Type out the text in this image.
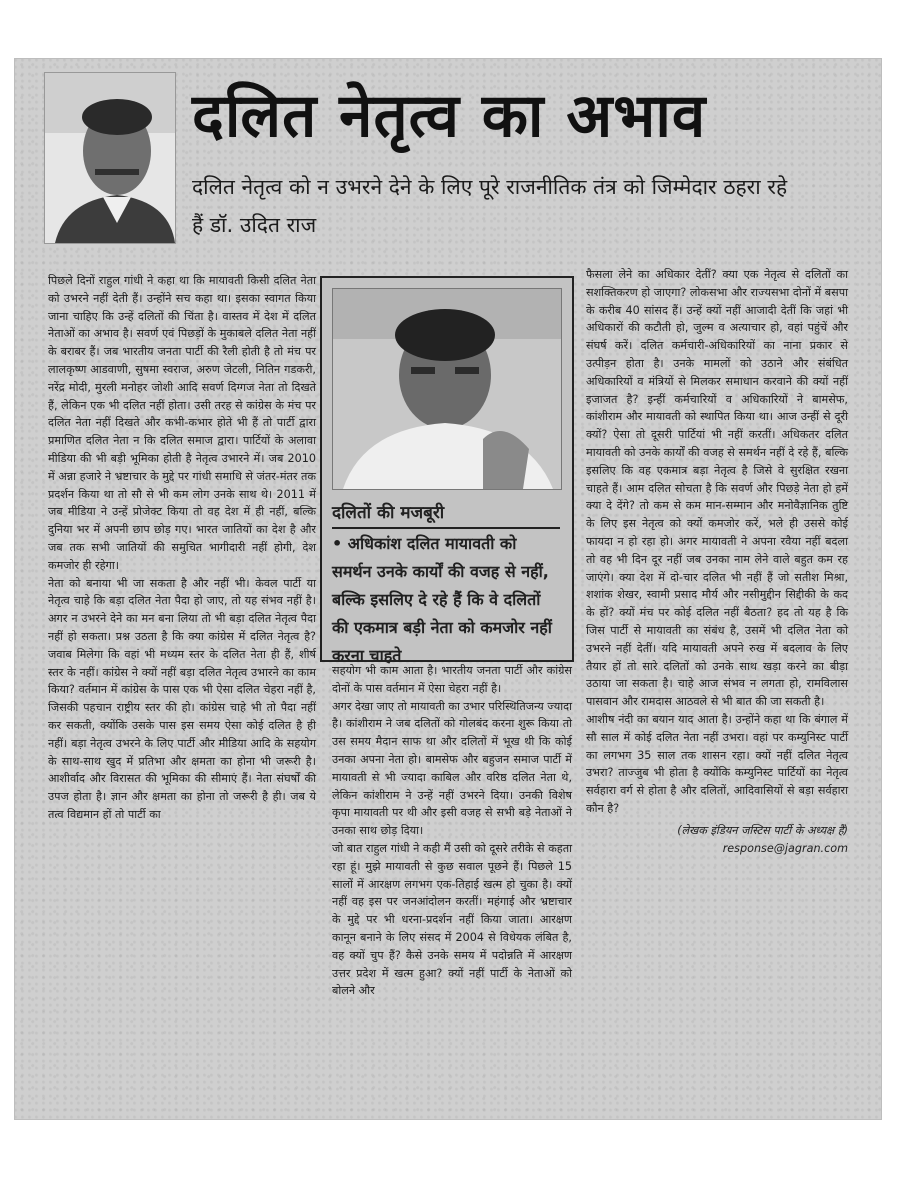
दलित नेतृत्व का अभाव

दलित नेतृत्व को न उभरने देने के लिए पूरे राजनीतिक तंत्र को जिम्मेदार ठहरा रहे हैं डॉ. उदित राज

पिछले दिनों राहुल गांधी ने कहा था कि मायावती किसी दलित नेता को उभरने नहीं देती हैं। उन्होंने सच कहा था। इसका स्वागत किया जाना चाहिए कि उन्हें दलितों की चिंता है। वास्तव में देश में दलित नेताओं का अभाव है। सवर्ण एवं पिछड़ों के मुकाबले दलित नेता नहीं के बराबर हैं। जब भारतीय जनता पार्टी की रैली होती है तो मंच पर लालकृष्ण आडवाणी, सुषमा स्वराज, अरुण जेटली, नितिन गडकरी, नरेंद्र मोदी, मुरली मनोहर जोशी आदि सवर्ण दिग्गज नेता तो दिखते हैं, लेकिन एक भी दलित नहीं होता। उसी तरह से कांग्रेस के मंच पर दलित नेता नहीं दिखते और कभी-कभार होते भी हैं तो पार्टी द्वारा प्रमाणित दलित नेता न कि दलित समाज द्वारा। पार्टियों के अलावा मीडिया की भी बड़ी भूमिका होती है नेतृत्व उभारने में। जब 2010 में अन्ना हजारे ने भ्रष्टाचार के मुद्दे पर गांधी समाधि से जंतर-मंतर तक प्रदर्शन किया था तो सौ से भी कम लोग उनके साथ थे। 2011 में जब मीडिया ने उन्हें प्रोजेक्ट किया तो वह देश में ही नहीं, बल्कि दुनिया भर में अपनी छाप छोड़ गए। भारत जातियों का देश है और जब तक सभी जातियों की समुचित भागीदारी नहीं होगी, देश कमजोर ही रहेगा।

नेता को बनाया भी जा सकता है और नहीं भी। केवल पार्टी या नेतृत्व चाहे कि बड़ा दलित नेता पैदा हो जाए, तो यह संभव नहीं है। अगर न उभरने देने का मन बना लिया तो भी बड़ा दलित नेतृत्व पैदा नहीं हो सकता। प्रश्न उठता है कि क्या कांग्रेस में दलित नेतृत्व है? जवाब मिलेगा कि वहां भी मध्यम स्तर के दलित नेता ही हैं, शीर्ष स्तर के नहीं। कांग्रेस ने क्यों नहीं बड़ा दलित नेतृत्व उभारने का काम किया? वर्तमान में कांग्रेस के पास एक भी ऐसा दलित चेहरा नहीं है, जिसकी पहचान राष्ट्रीय स्तर की हो। कांग्रेस चाहे भी तो पैदा नहीं कर सकती, क्योंकि उसके पास इस समय ऐसा कोई दलित है ही नहीं। बड़ा नेतृत्व उभरने के लिए पार्टी और मीडिया आदि के सहयोग के साथ-साथ खुद में प्रतिभा और क्षमता का होना भी जरूरी है। आशीर्वाद और विरासत की भूमिका की सीमाएं हैं। नेता संघर्षों की उपज होता है। ज्ञान और क्षमता का होना तो जरूरी है ही। जब ये तत्व विद्यमान हों तो पार्टी का

दलितों की मजबूरी

• अधिकांश दलित मायावती को समर्थन उनके कार्यों की वजह से नहीं, बल्कि इसलिए दे रहे हैं कि वे दलितों की एकमात्र बड़ी नेता को कमजोर नहीं करना चाहते

सहयोग भी काम आता है। भारतीय जनता पार्टी और कांग्रेस दोनों के पास वर्तमान में ऐसा चेहरा नहीं है।

अगर देखा जाए तो मायावती का उभार परिस्थितिजन्य ज्यादा है। कांशीराम ने जब दलितों को गोलबंद करना शुरू किया तो उस समय मैदान साफ था और दलितों में भूख थी कि कोई उनका अपना नेता हो। बामसेफ और बहुजन समाज पार्टी में मायावती से भी ज्यादा काबिल और वरिष्ठ दलित नेता थे, लेकिन कांशीराम ने उन्हें नहीं उभरने दिया। उनकी विशेष कृपा मायावती पर थी और इसी वजह से सभी बड़े नेताओं ने उनका साथ छोड़ दिया।

जो बात राहुल गांधी ने कही मैं उसी को दूसरे तरीके से कहता रहा हूं। मुझे मायावती से कुछ सवाल पूछने हैं। पिछले 15 सालों में आरक्षण लगभग एक-तिहाई खत्म हो चुका है। क्यों नहीं वह इस पर जनआंदोलन करतीं। महंगाई और भ्रष्टाचार के मुद्दे पर भी धरना-प्रदर्शन नहीं किया जाता। आरक्षण कानून बनाने के लिए संसद में 2004 से विधेयक लंबित है, वह क्यों चुप हैं? कैसे उनके समय में पदोन्नति में आरक्षण उत्तर प्रदेश में खत्म हुआ? क्यों नहीं पार्टी के नेताओं को बोलने और

फैसला लेने का अधिकार देतीं? क्या एक नेतृत्व से दलितों का सशक्तिकरण हो जाएगा? लोकसभा और राज्यसभा दोनों में बसपा के करीब 40 सांसद हैं। उन्हें क्यों नहीं आजादी देतीं कि जहां भी अधिकारों की कटौती हो, जुल्म व अत्याचार हो, वहां पहुंचें और संघर्ष करें। दलित कर्मचारी-अधिकारियों का नाना प्रकार से उत्पीड़न होता है। उनके मामलों को उठाने और संबंधित अधिकारियों व मंत्रियों से मिलकर समाधान करवाने की क्यों नहीं इजाजत है? इन्हीं कर्मचारियों व अधिकारियों ने बामसेफ, कांशीराम और मायावती को स्थापित किया था। आज उन्हीं से दूरी क्यों? ऐसा तो दूसरी पार्टियां भी नहीं करतीं। अधिकतर दलित मायावती को उनके कार्यों की वजह से समर्थन नहीं दे रहे हैं, बल्कि इसलिए कि वह एकमात्र बड़ा नेतृत्व है जिसे वे सुरक्षित रखना चाहते हैं। आम दलित सोचता है कि सवर्ण और पिछड़े नेता हो हमें क्या दे देंगे? तो कम से कम मान-सम्मान और मनोवैज्ञानिक तुष्टि के लिए इस नेतृत्व को क्यों कमजोर करें, भले ही उससे कोई फायदा न हो रहा हो। अगर मायावती ने अपना रवैया नहीं बदला तो वह भी दिन दूर नहीं जब उनका नाम लेने वाले बहुत कम रह जाएंगे। क्या देश में दो-चार दलित भी नहीं हैं जो सतीश मिश्रा, शशांक शेखर, स्वामी प्रसाद मौर्य और नसीमुद्दीन सिद्दीकी के कद के हों? क्यों मंच पर कोई दलित नहीं बैठता? हद तो यह है कि जिस पार्टी से मायावती का संबंध है, उसमें भी दलित नेता को उभरने नहीं देतीं। यदि मायावती अपने रुख में बदलाव के लिए तैयार हों तो सारे दलितों को उनके साथ खड़ा करने का बीड़ा उठाया जा सकता है। चाहे आज संभव न लगता हो, रामविलास पासवान और रामदास आठवले से भी बात की जा सकती है।

आशीष नंदी का बयान याद आता है। उन्होंने कहा था कि बंगाल में सौ साल में कोई दलित नेता नहीं उभरा। वहां पर कम्युनिस्ट पार्टी का लगभग 35 साल तक शासन रहा। क्यों नहीं दलित नेतृत्व उभरा? ताज्जुब भी होता है क्योंकि कम्युनिस्ट पार्टियों का नेतृत्व सर्वहारा वर्ग से होता है और दलितों, आदिवासियों से बड़ा सर्वहारा कौन है?

(लेखक इंडियन जस्टिस पार्टी के अध्यक्ष हैं)

response@jagran.com
